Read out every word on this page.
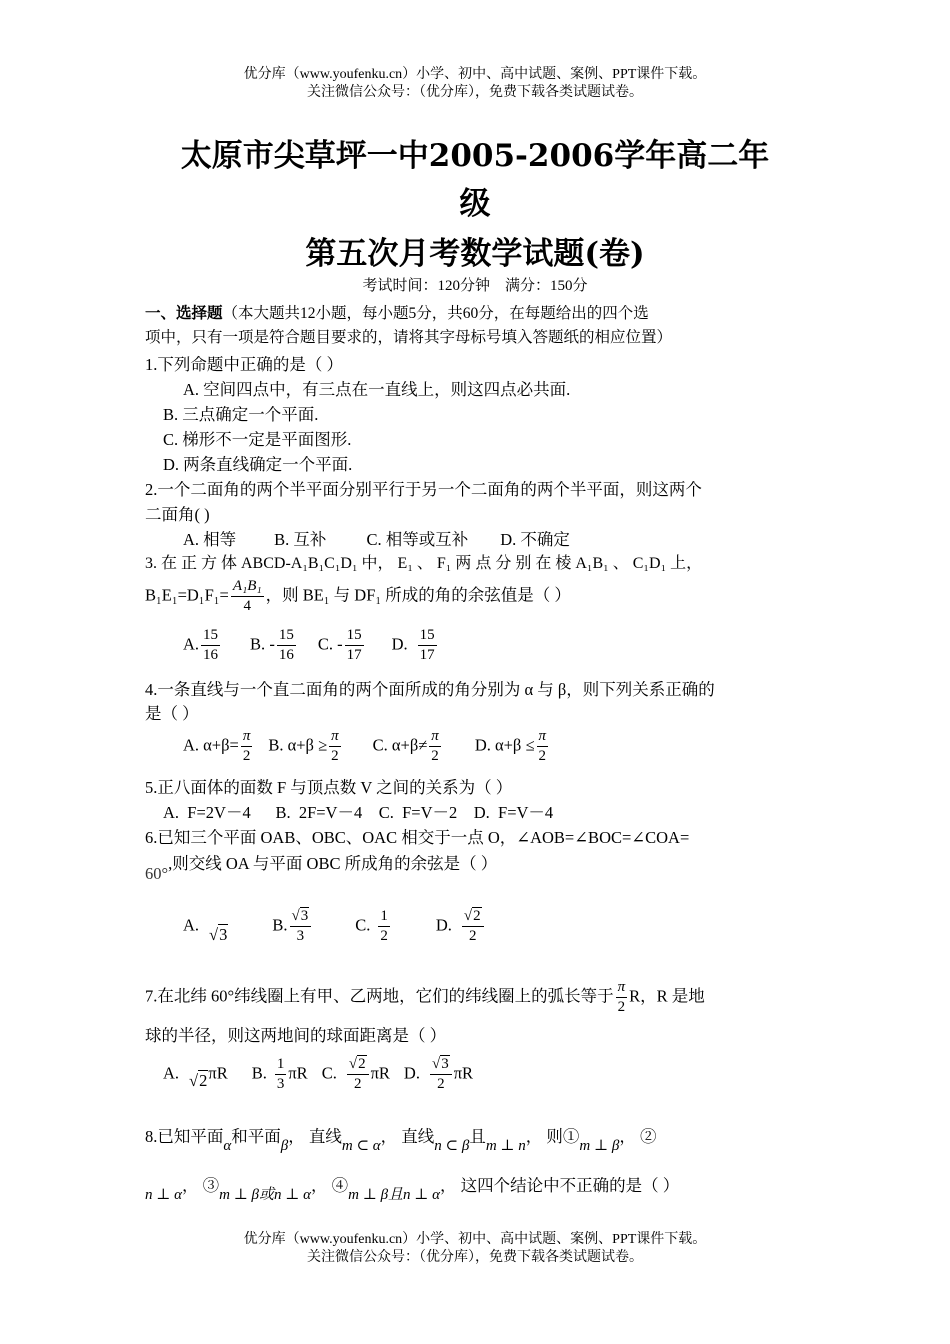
优分库（www.youfenku.cn）小学、初中、高中试题、案例、PPT课件下载。
关注微信公众号：（优分库），免费下载各类试题试卷。
太原市尖草坪一中2005-2006学年高二年
级
第五次月考数学试题(卷)
考试时间：120分钟　满分：150分
一、选择题（本大题共12小题，每小题5分，共60分，在每题给出的四个选
项中，只有一项是符合题目要求的，请将其字母标号填入答题纸的相应位置）
1.下列命题中正确的是（ ）
A. 空间四点中，有三点在一直线上，则这四点必共面.
B. 三点确定一个平面.
C. 梯形不一定是平面图形.
D. 两条直线确定一个平面.
2.一个二面角的两个半平面分别平行于另一个二面角的两个半平面，则这两个
二面角( )
A. 相等 B. 互补 C. 相等或互补 D. 不确定
3. 在 正 方 体 ABCD-A₁B₁C₁D₁ 中， E₁ 、 F₁ 两 点 分 别 在 棱 A₁B₁ 、 C₁D₁ 上，
$B_1E_1=D_1F_1= \frac{\text{A₁B₁}}{4}$ ，则 BE₁ 与 DF₁ 所成的角的余弦值是（ ）
A. $\frac{15}{16} B$. - $\frac{15}{16} C$. - $\frac{15}{17} D$. $\frac{15}{17}$
4.一条直线与一个直二面角的两个面所成的角分别为 α 与 β，则下列关系正确的
是（ ）
A. $\alpha+\beta= \frac{\pi}{2} B$. $\alpha+\beta \ge \frac{\pi}{2} C$. $\alpha+\beta\ne \frac{\pi}{2} D$. $\alpha+\beta \le \frac{\pi}{2}$
5.正八面体的面数 F 与顶点数 V 之间的关系为（ ）
A.  F=2V－4      B.  2F=V－4    C.  F=V－2    D.  F=V－4
6.已知三个平面 OAB、OBC、OAC 相交于一点 O，∠AOB=∠BOC=∠COA=
60°,则交线 OA 与平面 OBC 所成角的余弦是（ ）
A.√3B. $\frac{√3}{3}$	C. $\frac{1}{2}$	D. $\frac{√2}{2}$
7.在北纬 60°纬线圈上有甲、乙两地，它们的纬线圈上的弧长等于 $\frac{\pi}{2}$ R，R 是地
球的半径，则这两地间的球面距离是（ ）
A. √2πR B. $\frac{1}{3}$ πR C. $\frac{√2}{2}$ πR D. $\frac{√3}{2}$ πR
8.已知平面α和平面β， 直线m ⊂ α， 直线n ⊂ β且m ⊥ n， 则①m ⊥ β， ②
n ⊥ α， ③m ⊥ β或n ⊥ α， ④m ⊥ β且n ⊥ α， 这四个结论中不正确的是（ ）
优分库（www.youfenku.cn）小学、初中、高中试题、案例、PPT课件下载。
关注微信公众号：（优分库），免费下载各类试题试卷。
